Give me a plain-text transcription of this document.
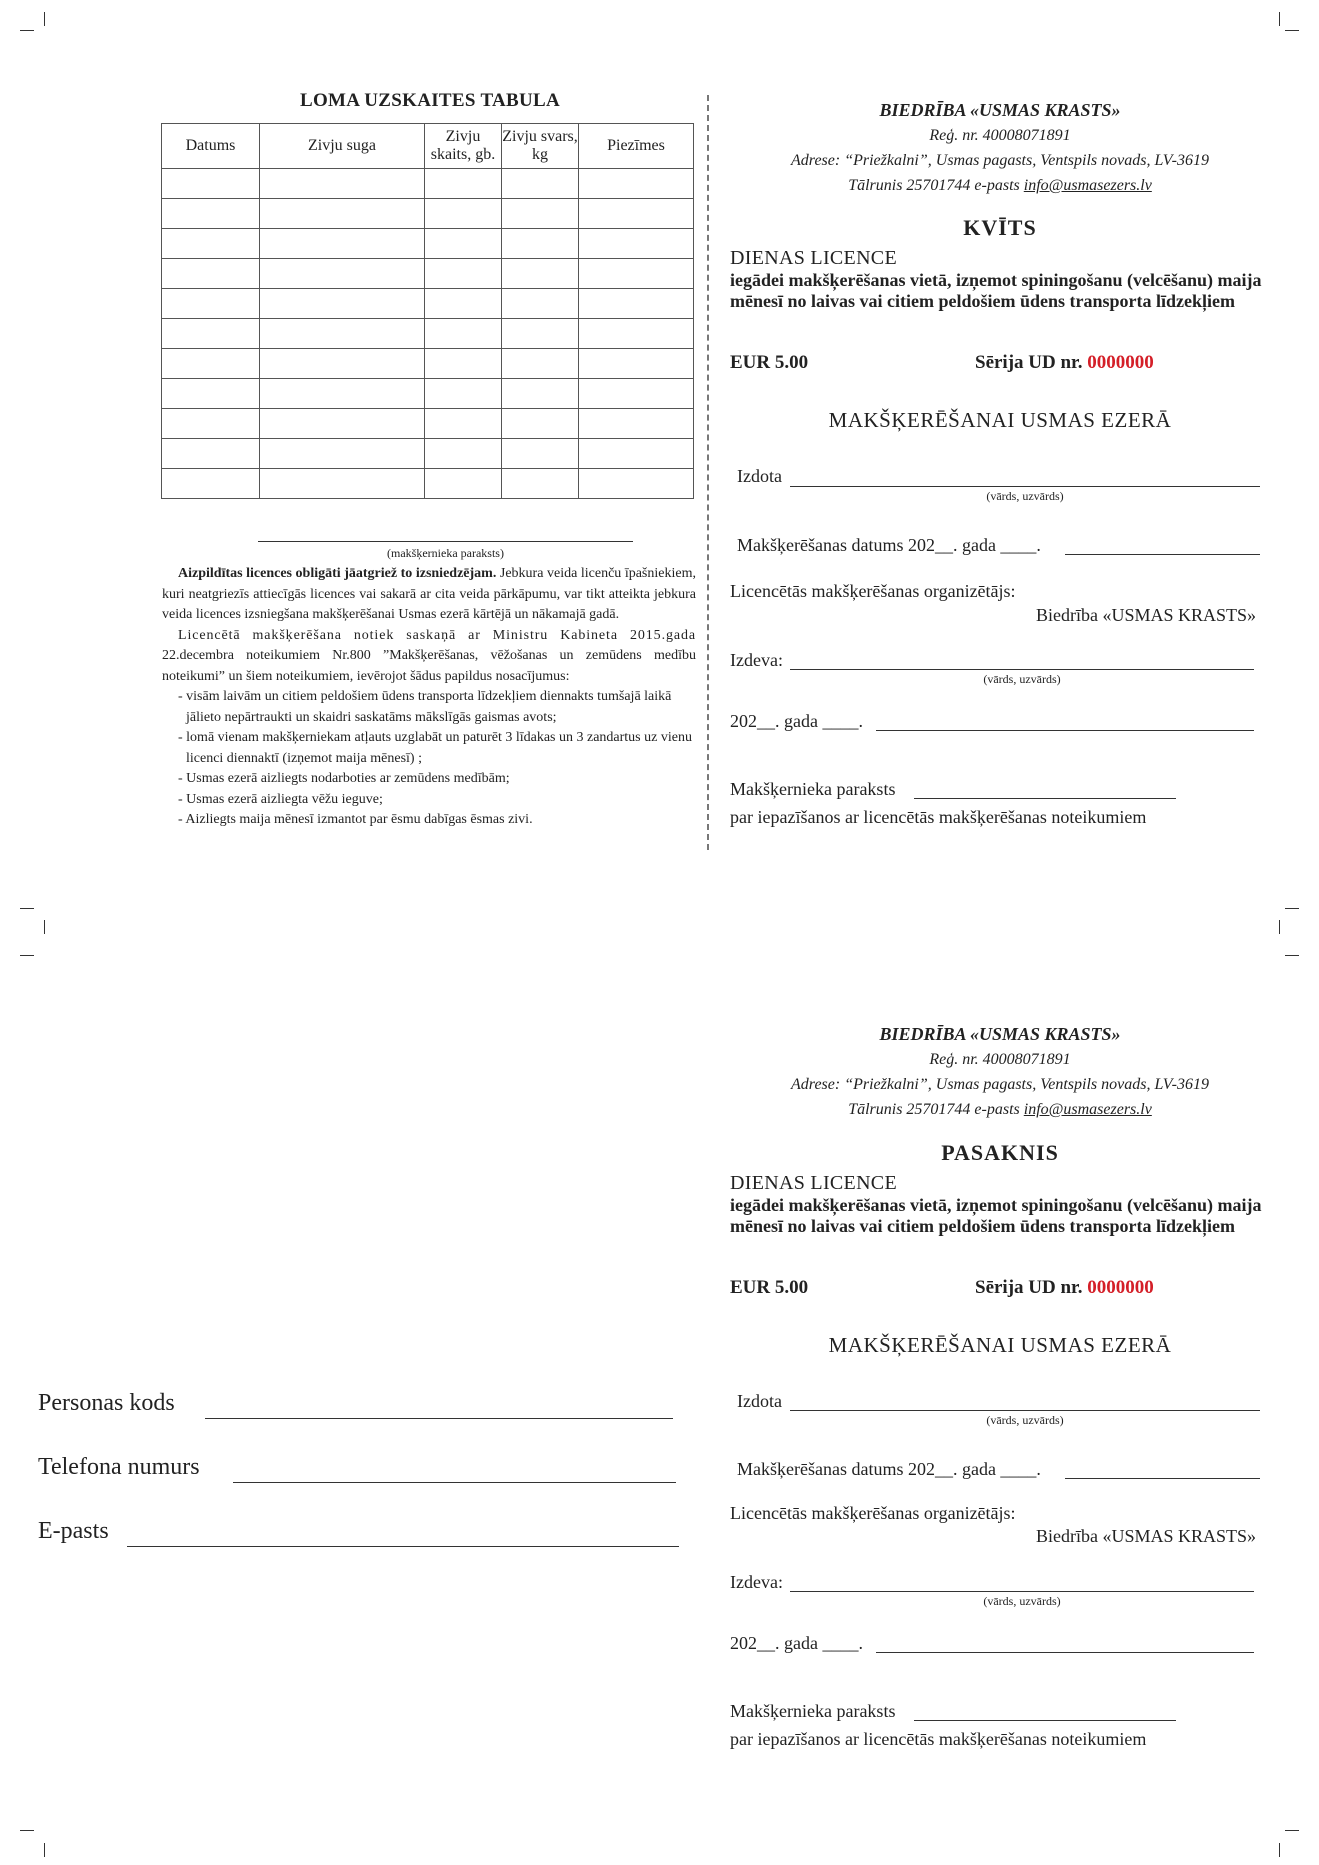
LOMA UZSKAITES TABULA
Datums	Zivju suga	Zivju skaits, gb.	Zivju svars, kg	Piezīmes

(makšķernieka paraksts)

Aizpildītas licences obligāti jāatgriež to izsniedzējam. Jebkura veida licenču īpašniekiem, kuri neatgriezīs attiecīgās licences vai sakarā ar cita veida pārkāpumu, var tikt atteikta jebkura veida licences izsniegšana makšķerēšanai Usmas ezerā kārtējā un nākamajā gadā.

Licencētā makšķerēšana notiek saskaņā ar Ministru Kabineta 2015.gada 22.decembra noteikumiem Nr.800 ”Makšķerēšanas, vēžošanas un zemūdens medību noteikumi” un šiem noteikumiem, ievērojot šādus papildus nosacījumus:

- visām laivām un citiem peldošiem ūdens transporta līdzekļiem diennakts tumšajā laikā jālieto nepārtraukti un skaidri saskatāms mākslīgās gaismas avots;
- lomā vienam makšķerniekam atļauts uzglabāt un paturēt 3 līdakas un 3 zandartus uz vienu licenci diennaktī (izņemot maija mēnesī) ;
- Usmas ezerā aizliegts nodarboties ar zemūdens medībām;
- Usmas ezerā aizliegta vēžu ieguve;
- Aizliegts maija mēnesī izmantot par ēsmu dabīgas ēsmas zivi.
BIEDRĪBA «USMAS KRASTS»
Reģ. nr. 40008071891
Adrese: “Priežkalni”, Usmas pagasts, Ventspils novads, LV-3619
Tālrunis 25701744 e-pasts info@usmasezers.lv
KVĪTS
DIENAS LICENCE
iegādei makšķerēšanas vietā, izņemot spiningošanu (velcēšanu) maija mēnesī no laivas vai citiem peldošiem ūdens transporta līdzekļiem
EUR 5.00	Sērija UD nr. 0000000
MAKŠĶERĒŠANAI USMAS EZERĀ
Izdota
(vārds, uzvārds)
Makšķerēšanas datums 202__. gada ____.
Licencētās makšķerēšanas organizētājs:
Biedrība «USMAS KRASTS»
Izdeva:
(vārds, uzvārds)
202__. gada ____.
Makšķernieka paraksts
par iepazīšanos ar licencētās makšķerēšanas noteikumiem
BIEDRĪBA «USMAS KRASTS»
Reģ. nr. 40008071891
Adrese: “Priežkalni”, Usmas pagasts, Ventspils novads, LV-3619
Tālrunis 25701744 e-pasts info@usmasezers.lv
PASAKNIS
DIENAS LICENCE
iegādei makšķerēšanas vietā, izņemot spiningošanu (velcēšanu) maija mēnesī no laivas vai citiem peldošiem ūdens transporta līdzekļiem
EUR 5.00	Sērija UD nr. 0000000
MAKŠĶERĒŠANAI USMAS EZERĀ
Izdota
(vārds, uzvārds)
Makšķerēšanas datums 202__. gada ____.
Licencētās makšķerēšanas organizētājs:
Biedrība «USMAS KRASTS»
Izdeva:
(vārds, uzvārds)
202__. gada ____.
Makšķernieka paraksts
par iepazīšanos ar licencētās makšķerēšanas noteikumiem
Personas kods
Telefona numurs
E-pasts
